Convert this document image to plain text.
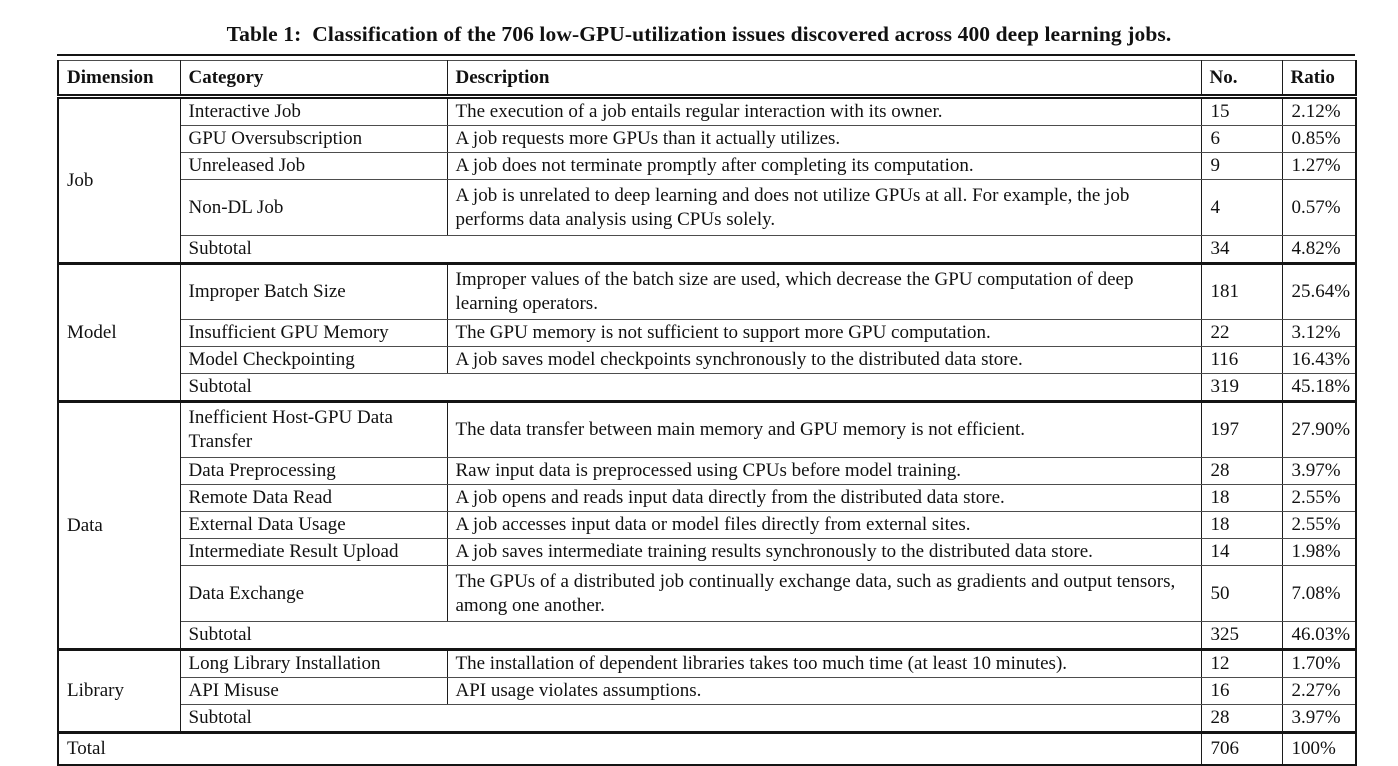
Table 1:  Classification of the 706 low-GPU-utilization issues discovered across 400 deep learning jobs.
Dimension	Category	Description	No.	Ratio
Job	Interactive Job	The execution of a job entails regular interaction with its owner.	15	2.12%
	GPU Oversubscription	A job requests more GPUs than it actually utilizes.	6	0.85%
	Unreleased Job	A job does not terminate promptly after completing its computation.	9	1.27%
	Non-DL Job	A job is unrelated to deep learning and does not utilize GPUs at all. For example, the job performs data analysis using CPUs solely.	4	0.57%
	Subtotal		34	4.82%
Model	Improper Batch Size	Improper values of the batch size are used, which decrease the GPU computation of deep learning operators.	181	25.64%
	Insufficient GPU Memory	The GPU memory is not sufficient to support more GPU computation.	22	3.12%
	Model Checkpointing	A job saves model checkpoints synchronously to the distributed data store.	116	16.43%
	Subtotal		319	45.18%
Data	Inefficient Host-GPU Data Transfer	The data transfer between main memory and GPU memory is not efficient.	197	27.90%
	Data Preprocessing	Raw input data is preprocessed using CPUs before model training.	28	3.97%
	Remote Data Read	A job opens and reads input data directly from the distributed data store.	18	2.55%
	External Data Usage	A job accesses input data or model files directly from external sites.	18	2.55%
	Intermediate Result Upload	A job saves intermediate training results synchronously to the distributed data store.	14	1.98%
	Data Exchange	The GPUs of a distributed job continually exchange data, such as gradients and output tensors, among one another.	50	7.08%
	Subtotal		325	46.03%
Library	Long Library Installation	The installation of dependent libraries takes too much time (at least 10 minutes).	12	1.70%
	API Misuse	API usage violates assumptions.	16	2.27%
	Subtotal		28	3.97%
Total			706	100%
